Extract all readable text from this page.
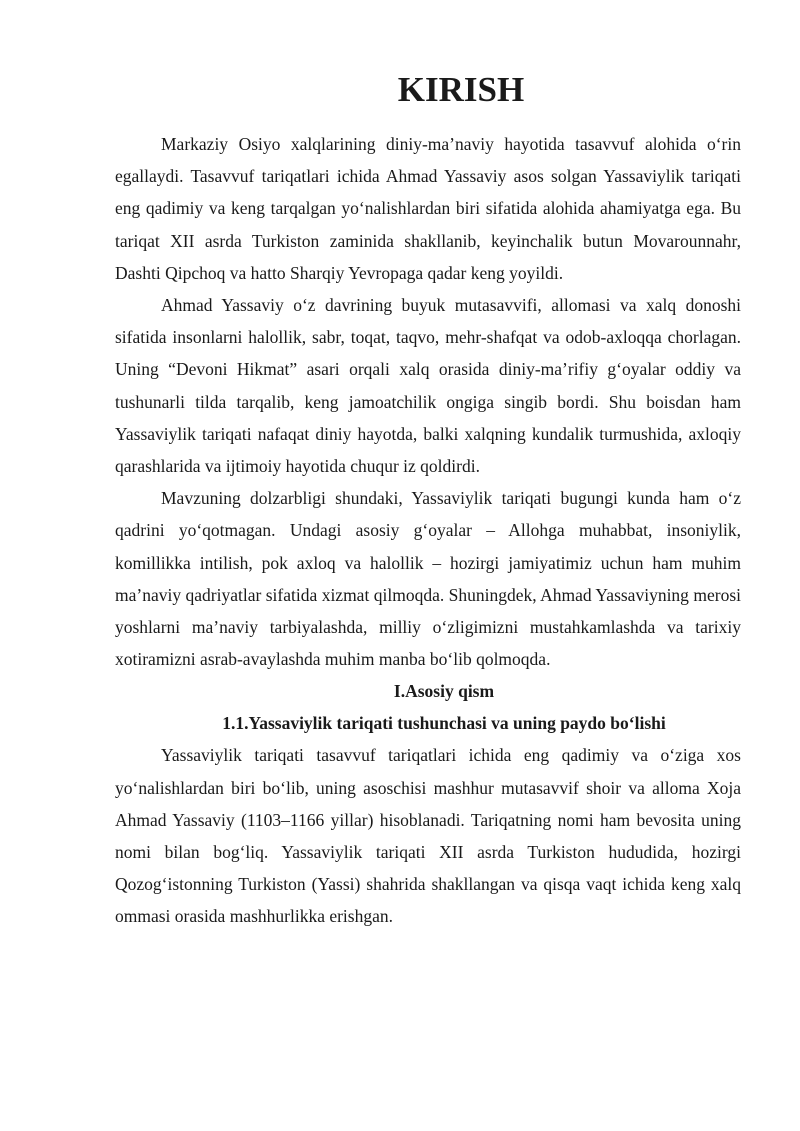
KIRISH

Markaziy Osiyo xalqlarining diniy-ma’naviy hayotida tasavvuf alohida o‘rin egallaydi. Tasavvuf tariqatlari ichida Ahmad Yassaviy asos solgan Yassaviylik tariqati eng qadimiy va keng tarqalgan yo‘nalishlardan biri sifatida alohida ahamiyatga ega. Bu tariqat XII asrda Turkiston zaminida shakllanib, keyinchalik butun Movarounnahr, Dashti Qipchoq va hatto Sharqiy Yevropaga qadar keng yoyildi.

Ahmad Yassaviy o‘z davrining buyuk mutasavvifi, allomasi va xalq donoshi sifatida insonlarni halollik, sabr, toqat, taqvo, mehr-shafqat va odob-axloqqa chorlagan. Uning “Devoni Hikmat” asari orqali xalq orasida diniy-ma’rifiy g‘oyalar oddiy va tushunarli tilda tarqalib, keng jamoatchilik ongiga singib bordi. Shu boisdan ham Yassaviylik tariqati nafaqat diniy hayotda, balki xalqning kundalik turmushida, axloqiy qarashlarida va ijtimoiy hayotida chuqur iz qoldirdi.

Mavzuning dolzarbligi shundaki, Yassaviylik tariqati bugungi kunda ham o‘z qadrini yo‘qotmagan. Undagi asosiy g‘oyalar – Allohga muhabbat, insoniylik, komillikka intilish, pok axloq va halollik – hozirgi jamiyatimiz uchun ham muhim ma’naviy qadriyatlar sifatida xizmat qilmoqda. Shuningdek, Ahmad Yassaviyning merosi yoshlarni ma’naviy tarbiyalashda, milliy o‘zligimizni mustahkamlashda va tarixiy xotiramizni asrab-avaylashda muhim manba bo‘lib qolmoqda.

I.Asosiy qism
1.1.Yassaviylik tariqati tushunchasi va uning paydo bo‘lishi

Yassaviylik tariqati tasavvuf tariqatlari ichida eng qadimiy va o‘ziga xos yo‘nalishlardan biri bo‘lib, uning asoschisi mashhur mutasavvif shoir va alloma Xoja Ahmad Yassaviy (1103–1166 yillar) hisoblanadi. Tariqatning nomi ham bevosita uning nomi bilan bog‘liq. Yassaviylik tariqati XII asrda Turkiston hududida, hozirgi Qozog‘istonning Turkiston (Yassi) shahrida shakllangan va qisqa vaqt ichida keng xalq ommasi orasida mashhurlikka erishgan.
